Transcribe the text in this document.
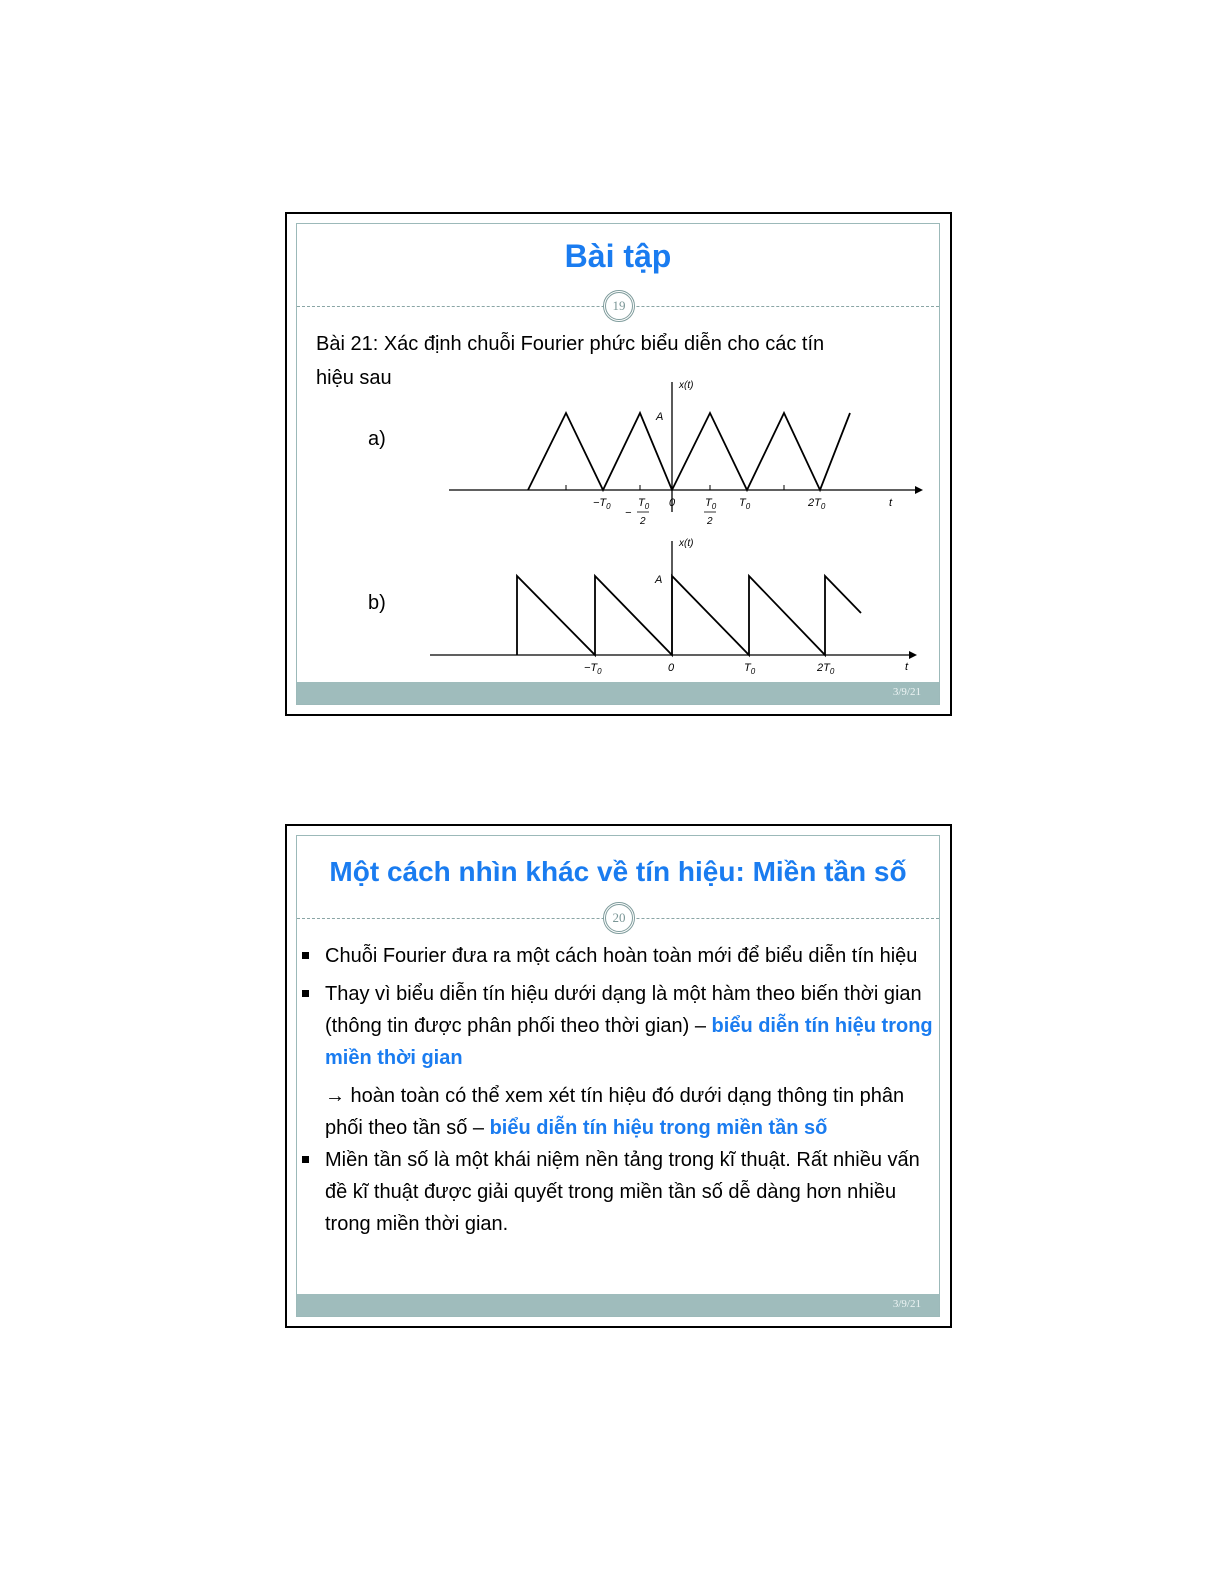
Bài tập
19
Bài 21: Xác định chuỗi Fourier phức biểu diễn cho các tín
hiệu sau
a)
b)
x(t)
A
t
$-T_0$
−
$T_0$
2
0	$T_0$
2
$T_0$	$2T_0$
x(t)
A
t
$-T_0$	0	$T_0$	$2T_0$
3/9/21
Một cách nhìn khác về tín hiệu: Miền tần số
20
Chuỗi Fourier đưa ra một cách hoàn toàn mới để biểu diễn tín hiệu
Thay vì biểu diễn tín hiệu dưới dạng là một hàm theo biến thời gian (thông tin được phân phối theo thời gian) – biểu diễn tín hiệu trong miền thời gian
→ hoàn toàn có thể xem xét tín hiệu đó dưới dạng thông tin phân phối theo tần số – biểu diễn tín hiệu trong miền tần số
Miền tần số là một khái niệm nền tảng trong kĩ thuật. Rất nhiều vấn đề kĩ thuật được giải quyết trong miền tần số dễ dàng hơn nhiều trong miền thời gian.
3/9/21
